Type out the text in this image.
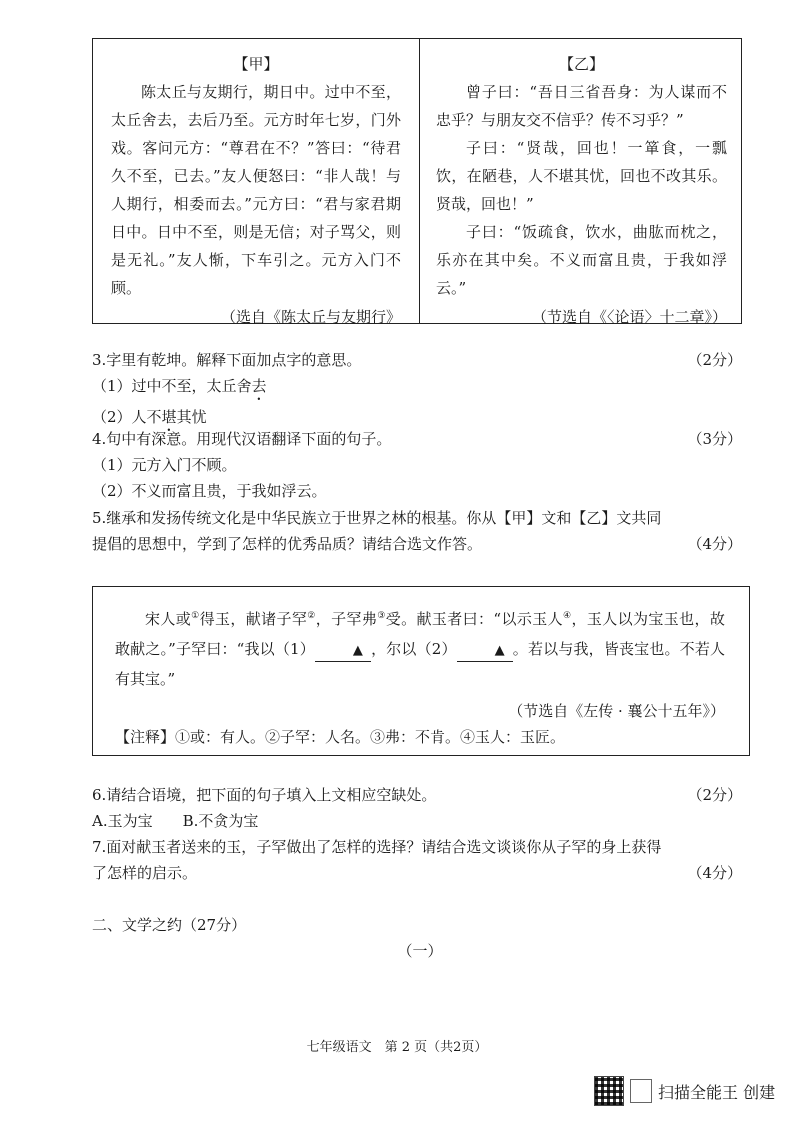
【甲】
陈太丘与友期行，期日中。过中不至，太丘舍去，去后乃至。元方时年七岁，门外戏。客问元方：“尊君在不？”答曰：“待君久不至，已去。”友人便怒曰：“非人哉！与人期行，相委而去。”元方曰：“君与家君期日中。日中不至，则是无信；对子骂父，则是无礼。”友人惭，下车引之。元方入门不顾。
（选自《陈太丘与友期行》
【乙】
曾子曰：“吾日三省吾身：为人谋而不忠乎？与朋友交不信乎？传不习乎？”
子曰：“贤哉，回也！一箪食，一瓢饮，在陋巷，人不堪其忧，回也不改其乐。贤哉，回也！”
子曰：“饭疏食，饮水，曲肱而枕之，乐亦在其中矣。不义而富且贵，于我如浮云。”
（节选自《〈论语〉十二章》）
3.字里有乾坤。解释下面加点字的意思。	（2分）
（1）过中不至，太丘舍去
（2）人不堪其忧
4.句中有深意。用现代汉语翻译下面的句子。	（3分）
（1）元方入门不顾。
（2）不义而富且贵，于我如浮云。
5.继承和发扬传统文化是中华民族立于世界之林的根基。你从【甲】文和【乙】文共同
提倡的思想中，学到了怎样的优秀品质？请结合选文作答。	（4分）
宋人或①得玉，献诸子罕②，子罕弗③受。献玉者曰：“以示玉人④，玉人以为宝玉也，故敢献之。”子罕曰：“我以（1）	▲ ，尔以（2）	▲ 。若以与我，皆丧宝也。不若人有其宝。”
（节选自《左传 · 襄公十五年》）
【注释】①或：有人。②子罕：人名。③弗：不肯。④玉人：玉匠。
6.请结合语境，把下面的句子填入上文相应空缺处。	（2分）
A.玉为宝　　B.不贪为宝
7.面对献玉者送来的玉，子罕做出了怎样的选择？请结合选文谈谈你从子罕的身上获得
了怎样的启示。	（4分）
二、文学之约（27分）
（一）
七年级语文　第 2 页（共2页）
扫描全能王 创建
